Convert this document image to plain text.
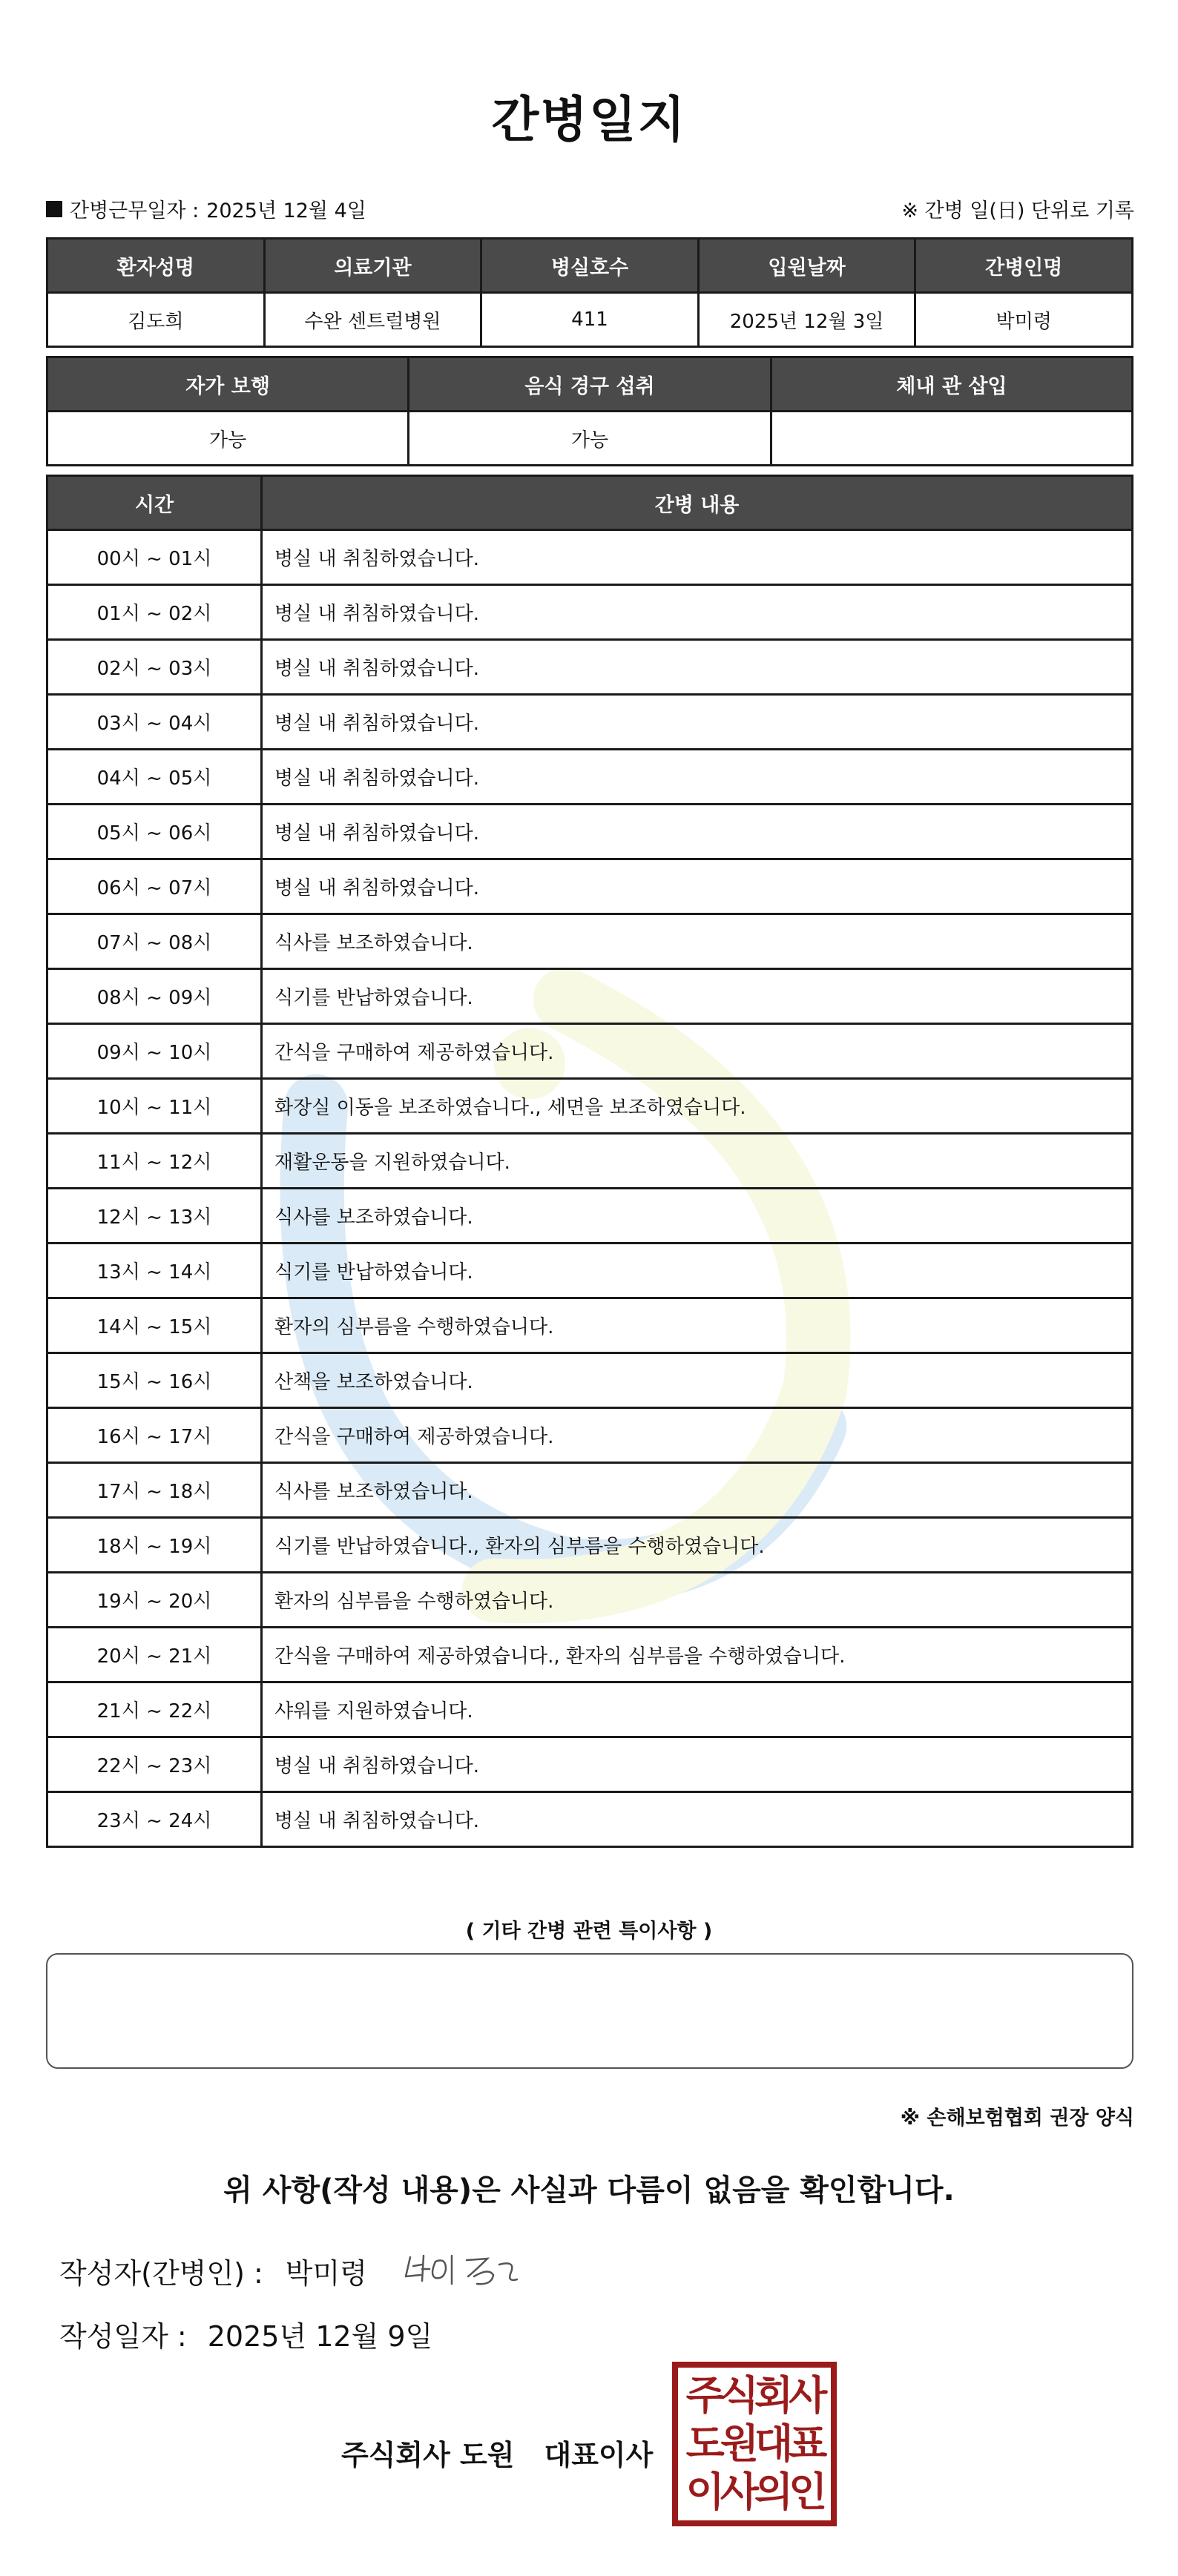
간병일지
간병근무일자 : 2025년 12월 4일	※ 간병 일(日) 단위로 기록
환자성명	의료기관	병실호수	입원날짜	간병인명
김도희	수완 센트럴병원	411	2025년 12월 3일	박미령
자가 보행	음식 경구 섭취	체내 관 삽입
가능	가능	
시간	간병 내용
00시 ~ 01시	병실 내 취침하였습니다.
01시 ~ 02시	병실 내 취침하였습니다.
02시 ~ 03시	병실 내 취침하였습니다.
03시 ~ 04시	병실 내 취침하였습니다.
04시 ~ 05시	병실 내 취침하였습니다.
05시 ~ 06시	병실 내 취침하였습니다.
06시 ~ 07시	병실 내 취침하였습니다.
07시 ~ 08시	식사를 보조하였습니다.
08시 ~ 09시	식기를 반납하였습니다.
09시 ~ 10시	간식을 구매하여 제공하였습니다.
10시 ~ 11시	화장실 이동을 보조하였습니다., 세면을 보조하였습니다.
11시 ~ 12시	재활운동을 지원하였습니다.
12시 ~ 13시	식사를 보조하였습니다.
13시 ~ 14시	식기를 반납하였습니다.
14시 ~ 15시	환자의 심부름을 수행하였습니다.
15시 ~ 16시	산책을 보조하였습니다.
16시 ~ 17시	간식을 구매하여 제공하였습니다.
17시 ~ 18시	식사를 보조하였습니다.
18시 ~ 19시	식기를 반납하였습니다., 환자의 심부름을 수행하였습니다.
19시 ~ 20시	환자의 심부름을 수행하였습니다.
20시 ~ 21시	간식을 구매하여 제공하였습니다., 환자의 심부름을 수행하였습니다.
21시 ~ 22시	샤워를 지원하였습니다.
22시 ~ 23시	병실 내 취침하였습니다.
23시 ~ 24시	병실 내 취침하였습니다.
( 기타 간병 관련 특이사항 )
※ 손해보험협회 권장 양식
위 사항(작성 내용)은 사실과 다름이 없음을 확인합니다.
작성자(간병인) : 박미령
작성일자 : 2025년 12월 9일
주식회사 도원 대표이사
주식회사
도원대표
이사의인
